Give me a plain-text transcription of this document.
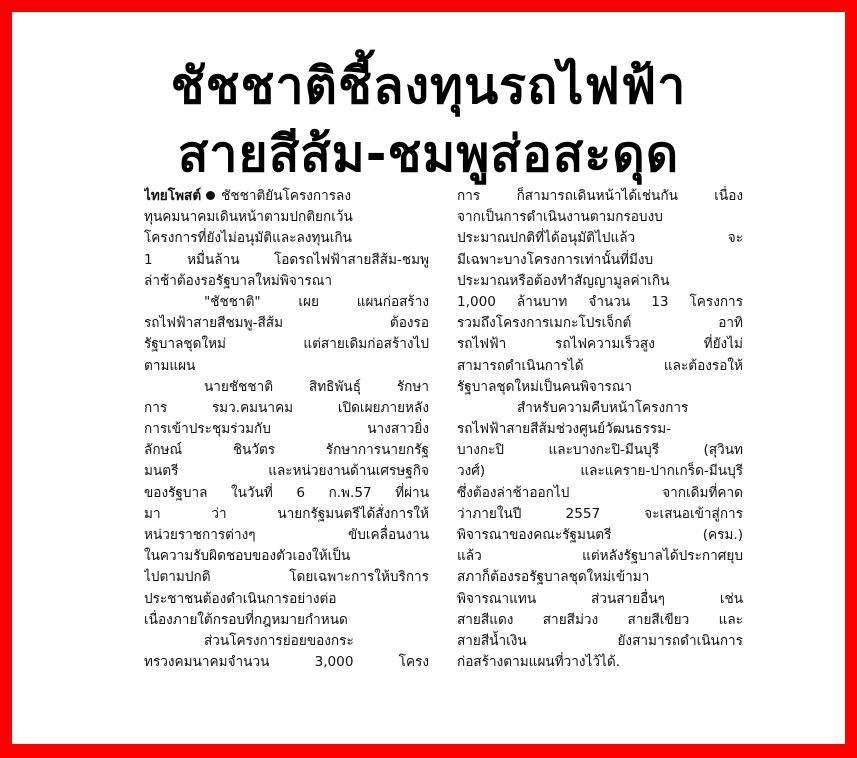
ชัชชาติชี้ลงทุนรถไฟฟ้า
สายสีส้ม-ชมพูส่อสะดุด
ไทยโพสต์ ชัชชาติยันโครงการลง
ทุนคมนาคมเดินหน้าตามปกติยกเว้น
โครงการที่ยังไม่อนุมัติและลงทุนเกิน
1 หมื่นล้าน โอดรถไฟฟ้าสายสีส้ม-ชมพู
ล่าช้าต้องรอรัฐบาลใหม่พิจารณา
"ชัชชาติ" เผย แผนก่อสร้าง
รถไฟฟ้าสายสีชมพู-สีส้ม ต้องรอ
รัฐบาลชุดใหม่ แต่สายเดิมก่อสร้างไป
ตามแผน
นายชัชชาติ สิทธิพันธุ์ รักษา
การ รมว.คมนาคม เปิดเผยภายหลัง
การเข้าประชุมร่วมกับ นางสาวยิ่ง
ลักษณ์ ชินวัตร รักษาการนายกรัฐ
มนตรี และหน่วยงานด้านเศรษฐกิจ
ของรัฐบาล ในวันที่ 6 ก.พ.57 ที่ผ่าน
มา ว่า นายกรัฐมนตรีได้สั่งการให้
หน่วยราชการต่างๆ ขับเคลื่อนงาน
ในความรับผิดชอบของตัวเองให้เป็น
ไปตามปกติ โดยเฉพาะการให้บริการ
ประชาชนต้องดำเนินการอย่างต่อ
เนื่องภายใต้กรอบที่กฎหมายกำหนด
ส่วนโครงการย่อยของกระ
ทรวงคมนาคมจำนวน 3,000 โครง
การ ก็สามารถเดินหน้าได้เช่นกัน เนื่อง
จากเป็นการดำเนินงานตามกรอบงบ
ประมาณปกติที่ได้อนุมัติไปแล้ว จะ
มีเฉพาะบางโครงการเท่านั้นที่มีงบ
ประมาณหรือต้องทำสัญญามูลค่าเกิน
1,000 ล้านบาท จำนวน 13 โครงการ
รวมถึงโครงการเมกะโปรเจ็กต์ อาทิ
รถไฟฟ้า รถไฟความเร็วสูง ที่ยังไม่
สามารถดำเนินการได้ และต้องรอให้
รัฐบาลชุดใหม่เป็นคนพิจารณา
สำหรับความคืบหน้าโครงการ
รถไฟฟ้าสายสีส้มช่วงศูนย์วัฒนธรรม-
บางกะปิ และบางกะปิ-มีนบุรี (สุวินท
วงศ์) และแคราย-ปากเกร็ด-มีนบุรี
ซึ่งต้องล่าช้าออกไป จากเดิมที่คาด
ว่าภายในปี 2557 จะเสนอเข้าสู่การ
พิจารณาของคณะรัฐมนตรี (ครม.)
แล้ว แต่หลังรัฐบาลได้ประกาศยุบ
สภาก็ต้องรอรัฐบาลชุดใหม่เข้ามา
พิจารณาแทน ส่วนสายอื่นๆ เช่น
สายสีแดง สายสีม่วง สายสีเขียว และ
สายสีน้ำเงิน ยังสามารถดำเนินการ
ก่อสร้างตามแผนที่วางไว้ได้.
